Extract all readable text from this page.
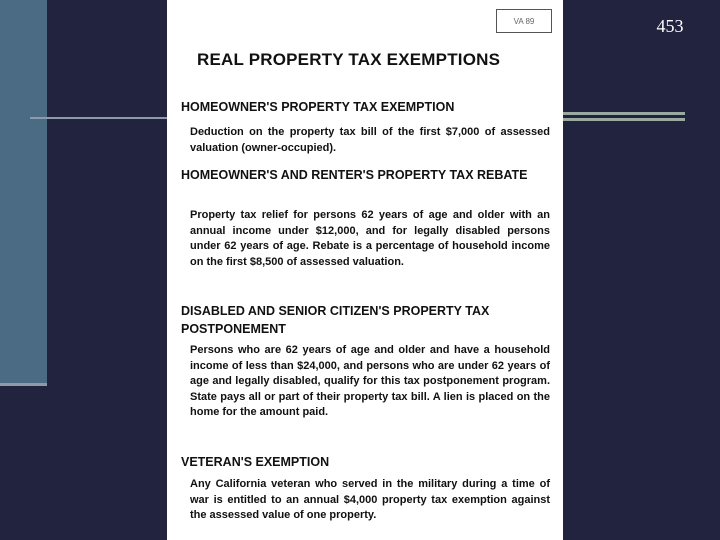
453
VA 89
REAL PROPERTY TAX EXEMPTIONS
HOMEOWNER'S PROPERTY TAX EXEMPTION
Deduction on the property tax bill of the first $7,000 of assessed valuation (owner-occupied).
HOMEOWNER'S AND RENTER'S PROPERTY TAX REBATE
Property tax relief for persons 62 years of age and older with an annual income under $12,000, and for legally disabled persons under 62 years of age. Rebate is a percentage of household income on the first $8,500 of assessed valuation.
DISABLED AND SENIOR CITIZEN'S PROPERTY TAX POSTPONEMENT
Persons who are 62 years of age and older and have a household income of less than $24,000, and persons who are under 62 years of age and legally disabled, qualify for this tax postponement program. State pays all or part of their property tax bill. A lien is placed on the home for the amount paid.
VETERAN'S EXEMPTION
Any California veteran who served in the military during a time of war is entitled to an annual $4,000 property tax exemption against the assessed value of one property.
